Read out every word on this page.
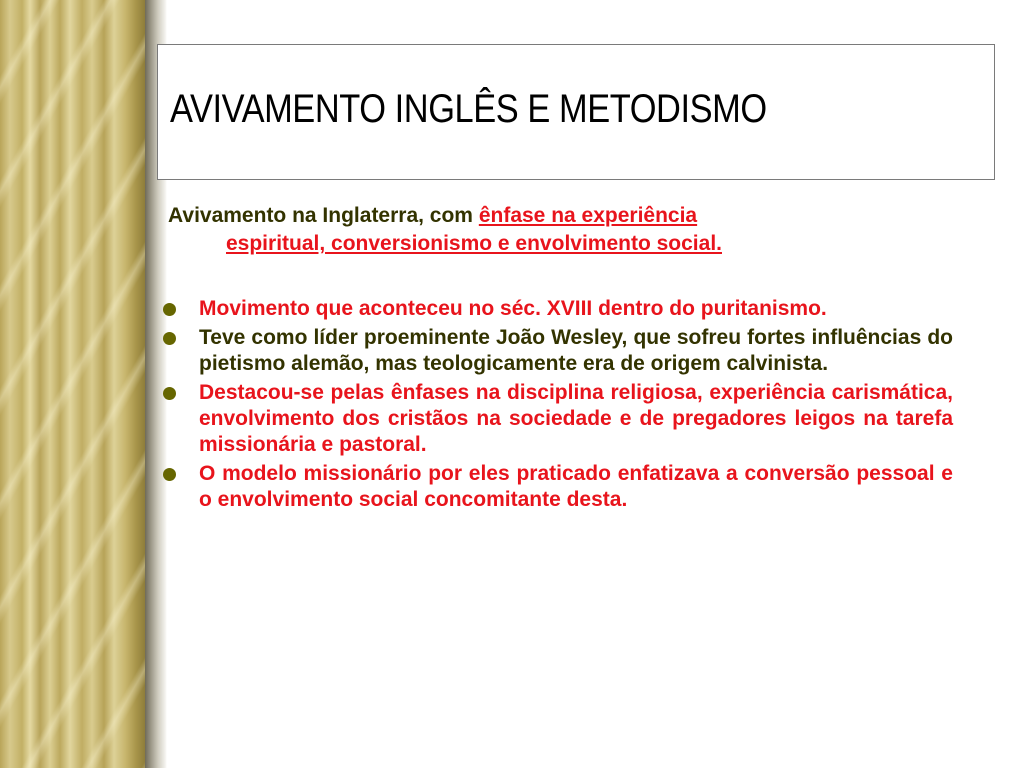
AVIVAMENTO INGLÊS E METODISMO
Avivamento na Inglaterra, com ênfase na experiência
espiritual, conversionismo e envolvimento social.
Movimento que aconteceu no séc. XVIII dentro do puritanismo.
Teve como líder proeminente João Wesley, que sofreu fortes influências do pietismo alemão, mas teologicamente era de origem calvinista.
Destacou-se pelas ênfases na disciplina religiosa, experiência carismática, envolvimento dos cristãos na sociedade e de pregadores leigos na tarefa missionária e pastoral.
O modelo missionário por eles praticado enfatizava a conversão pessoal e o envolvimento social concomitante desta.
